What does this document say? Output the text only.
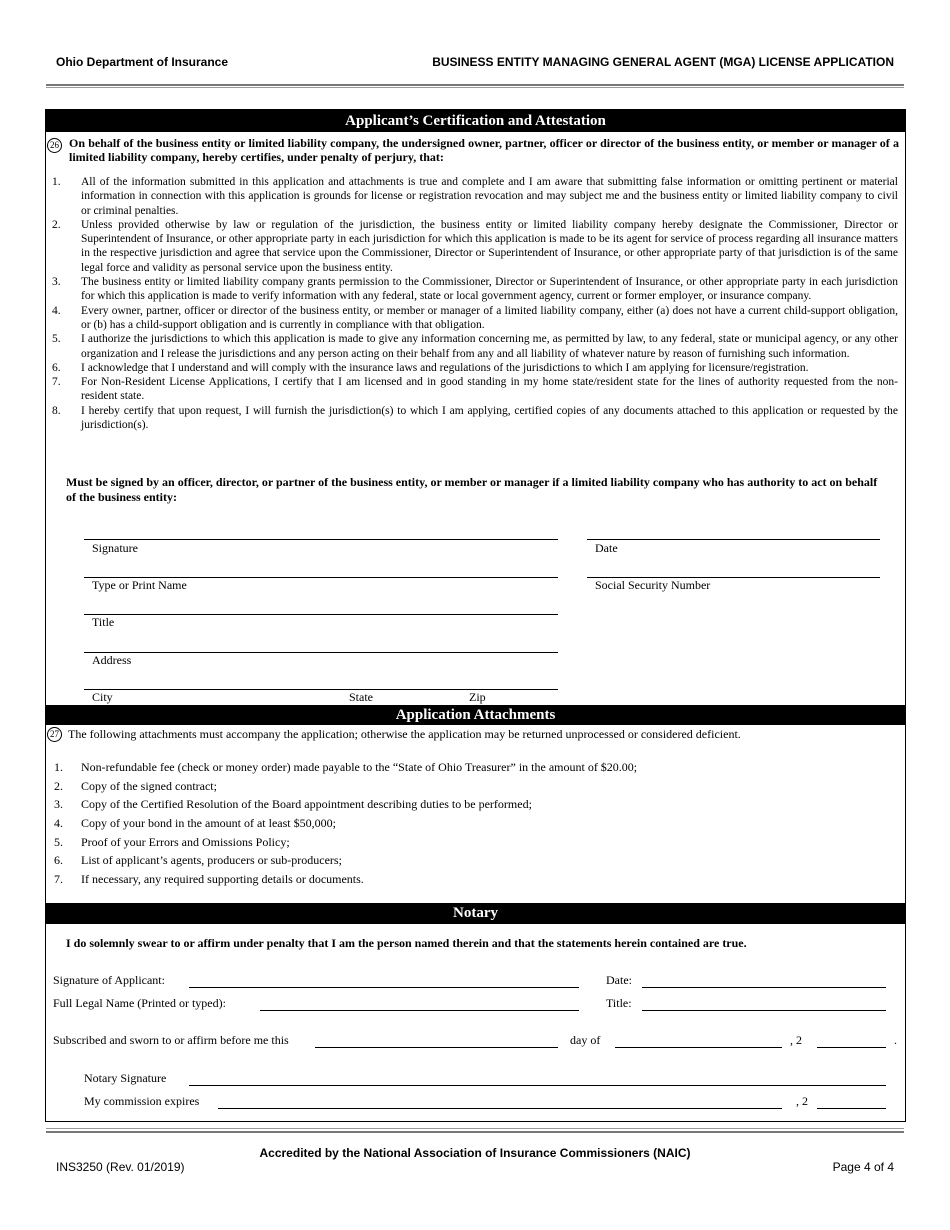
Ohio Department of Insurance	BUSINESS ENTITY MANAGING GENERAL AGENT (MGA) LICENSE APPLICATION
Applicant’s Certification and Attestation
26 On behalf of the business entity or limited liability company, the undersigned owner, partner, officer or director of the business entity, or member or manager of a limited liability company, hereby certifies, under penalty of perjury, that:
1. All of the information submitted in this application and attachments is true and complete and I am aware that submitting false information or omitting pertinent or material information in connection with this application is grounds for license or registration revocation and may subject me and the business entity or limited liability company to civil or criminal penalties.
2. Unless provided otherwise by law or regulation of the jurisdiction, the business entity or limited liability company hereby designate the Commissioner, Director or Superintendent of Insurance, or other appropriate party in each jurisdiction for which this application is made to be its agent for service of process regarding all insurance matters in the respective jurisdiction and agree that service upon the Commissioner, Director or Superintendent of Insurance, or other appropriate party of that jurisdiction is of the same legal force and validity as personal service upon the business entity.
3. The business entity or limited liability company grants permission to the Commissioner, Director or Superintendent of Insurance, or other appropriate party in each jurisdiction for which this application is made to verify information with any federal, state or local government agency, current or former employer, or insurance company.
4. Every owner, partner, officer or director of the business entity, or member or manager of a limited liability company, either (a) does not have a current child-support obligation, or (b) has a child-support obligation and is currently in compliance with that obligation.
5. I authorize the jurisdictions to which this application is made to give any information concerning me, as permitted by law, to any federal, state or municipal agency, or any other organization and I release the jurisdictions and any person acting on their behalf from any and all liability of whatever nature by reason of furnishing such information.
6. I acknowledge that I understand and will comply with the insurance laws and regulations of the jurisdictions to which I am applying for licensure/registration.
7. For Non-Resident License Applications, I certify that I am licensed and in good standing in my home state/resident state for the lines of authority requested from the non-resident state.
8. I hereby certify that upon request, I will furnish the jurisdiction(s) to which I am applying, certified copies of any documents attached to this application or requested by the jurisdiction(s).
Must be signed by an officer, director, or partner of the business entity, or member or manager if a limited liability company who has authority to act on behalf of the business entity:
Signature	Date
Type or Print Name	Social Security Number
Title
Address
City	State	Zip
Application Attachments
27 The following attachments must accompany the application; otherwise the application may be returned unprocessed or considered deficient.
1. Non-refundable fee (check or money order) made payable to the “State of Ohio Treasurer” in the amount of $20.00;
2. Copy of the signed contract;
3. Copy of the Certified Resolution of the Board appointment describing duties to be performed;
4. Copy of your bond in the amount of at least $50,000;
5. Proof of your Errors and Omissions Policy;
6. List of applicant’s agents, producers or sub-producers;
7. If necessary, any required supporting details or documents.
Notary
I do solemnly swear to or affirm under penalty that I am the person named therein and that the statements herein contained are true.
Signature of Applicant:	Date:
Full Legal Name (Printed or typed):	Title:
Subscribed and sworn to or affirm before me this	day of	, 2	.
Notary Signature
My commission expires	, 2
Accredited by the National Association of Insurance Commissioners (NAIC)
INS3250 (Rev. 01/2019)	Page 4 of 4
